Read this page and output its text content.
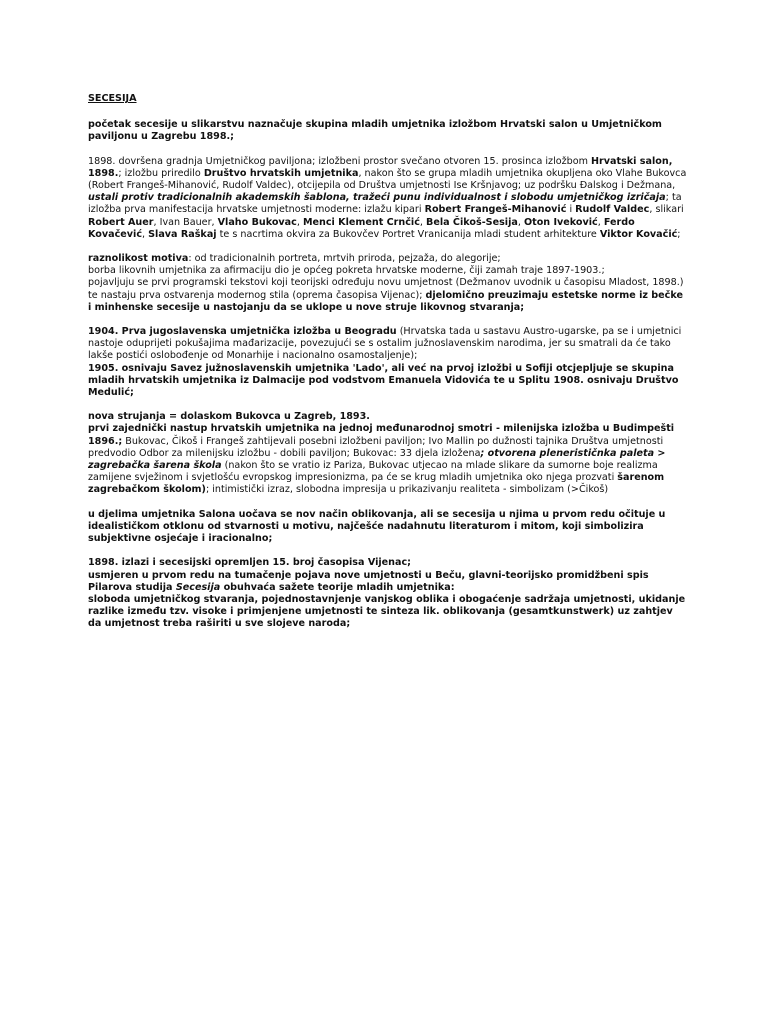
SECESIJA
početak secesije u slikarstvu naznačuje skupina mladih umjetnika izložbom Hrvatski salon u Umjetničkom paviljonu u Zagrebu 1898.;
1898. dovršena gradnja Umjetničkog paviljona; izložbeni prostor svečano otvoren 15. prosinca izložbom Hrvatski salon, 1898.; izložbu priredilo Društvo hrvatskih umjetnika, nakon što se grupa mladih umjetnika okupljena oko Vlahe Bukovca (Robert Frangeš-Mihanović, Rudolf Valdec), otcijepila od Društva umjetnosti Ise Kršnjavog; uz podršku Đalskog i Dežmana, ustali protiv tradicionalnih akademskih šablona, tražeći punu individualnost i slobodu umjetničkog izričaja; ta izložba prva manifestacija hrvatske umjetnosti moderne: izlažu kipari Robert Frangeš-Mihanović i Rudolf Valdec, slikari Robert Auer, Ivan Bauer, Vlaho Bukovac, Menci Klement Crnčić, Bela Čikoš-Sesija, Oton Iveković, Ferdo Kovačević, Slava Raškaj te s nacrtima okvira za Bukovčev Portret Vranicanija mladi student arhitekture Viktor Kovačić;
raznolikost motiva: od tradicionalnih portreta, mrtvih priroda, pejzaža, do alegorije;
borba likovnih umjetnika za afirmaciju dio je općeg pokreta hrvatske moderne, čiji zamah traje 1897-1903.;
pojavljuju se prvi programski tekstovi koji teorijski određuju novu umjetnost (Dežmanov uvodnik u časopisu Mladost, 1898.) te nastaju prva ostvarenja modernog stila (oprema časopisa Vijenac); djelomično preuzimaju estetske norme iz bečke i minhenske secesije u nastojanju da se uklope u nove struje likovnog stvaranja;
1904. Prva jugoslavenska umjetnička izložba u Beogradu (Hrvatska tada u sastavu Austro-ugarske, pa se i umjetnici nastoje oduprijeti pokušajima mađarizacije, povezujući se s ostalim južnoslavenskim narodima, jer su smatrali da će tako lakše postići oslobođenje od Monarhije i nacionalno osamostaljenje);
1905. osnivaju Savez južnoslavenskih umjetnika 'Lado', ali već na prvoj izložbi u Sofiji otcjepljuje se skupina mladih hrvatskih umjetnika iz Dalmacije pod vodstvom Emanuela Vidovića te u Splitu 1908. osnivaju Društvo Medulić;
nova strujanja = dolaskom Bukovca u Zagreb, 1893.
prvi zajednički nastup hrvatskih umjetnika na jednoj međunarodnoj smotri - milenijska izložba u Budimpešti 1896.; Bukovac, Čikoš i Frangeš zahtijevali posebni izložbeni paviljon; Ivo Mallin po dužnosti tajnika Društva umjetnosti predvodio Odbor za milenijsku izložbu - dobili paviljon; Bukovac: 33 djela izložena; otvorena plenerističnka paleta > zagrebačka šarena škola (nakon što se vratio iz Pariza, Bukovac utjecao na mlade slikare da sumorne boje realizma zamijene svježinom i svjetlošću evropskog impresionizma, pa će se krug mladih umjetnika oko njega prozvati šarenom zagrebačkom školom); intimistički izraz, slobodna impresija u prikazivanju realiteta - simbolizam (>Čikoš)
u djelima umjetnika Salona uočava se nov način oblikovanja, ali se secesija u njima u prvom redu očituje u idealističkom otklonu od stvarnosti u motivu, najčešće nadahnutu literaturom i mitom, koji simbolizira subjektivne osjećaje i iracionalno;
1898. izlazi i secesijski opremljen 15. broj časopisa Vijenac;
usmjeren u prvom redu na tumačenje pojava nove umjetnosti u Beču, glavni-teorijsko promidžbeni spis Pilarova studija Secesija obuhvaća sažete teorije mladih umjetnika:
sloboda umjetničkog stvaranja, pojednostavnjenje vanjskog oblika i obogaćenje sadržaja umjetnosti, ukidanje razlike između tzv. visoke i primjenjene umjetnosti te sinteza lik. oblikovanja (gesamtkunstwerk) uz zahtjev da umjetnost treba raširiti u sve slojeve naroda;
